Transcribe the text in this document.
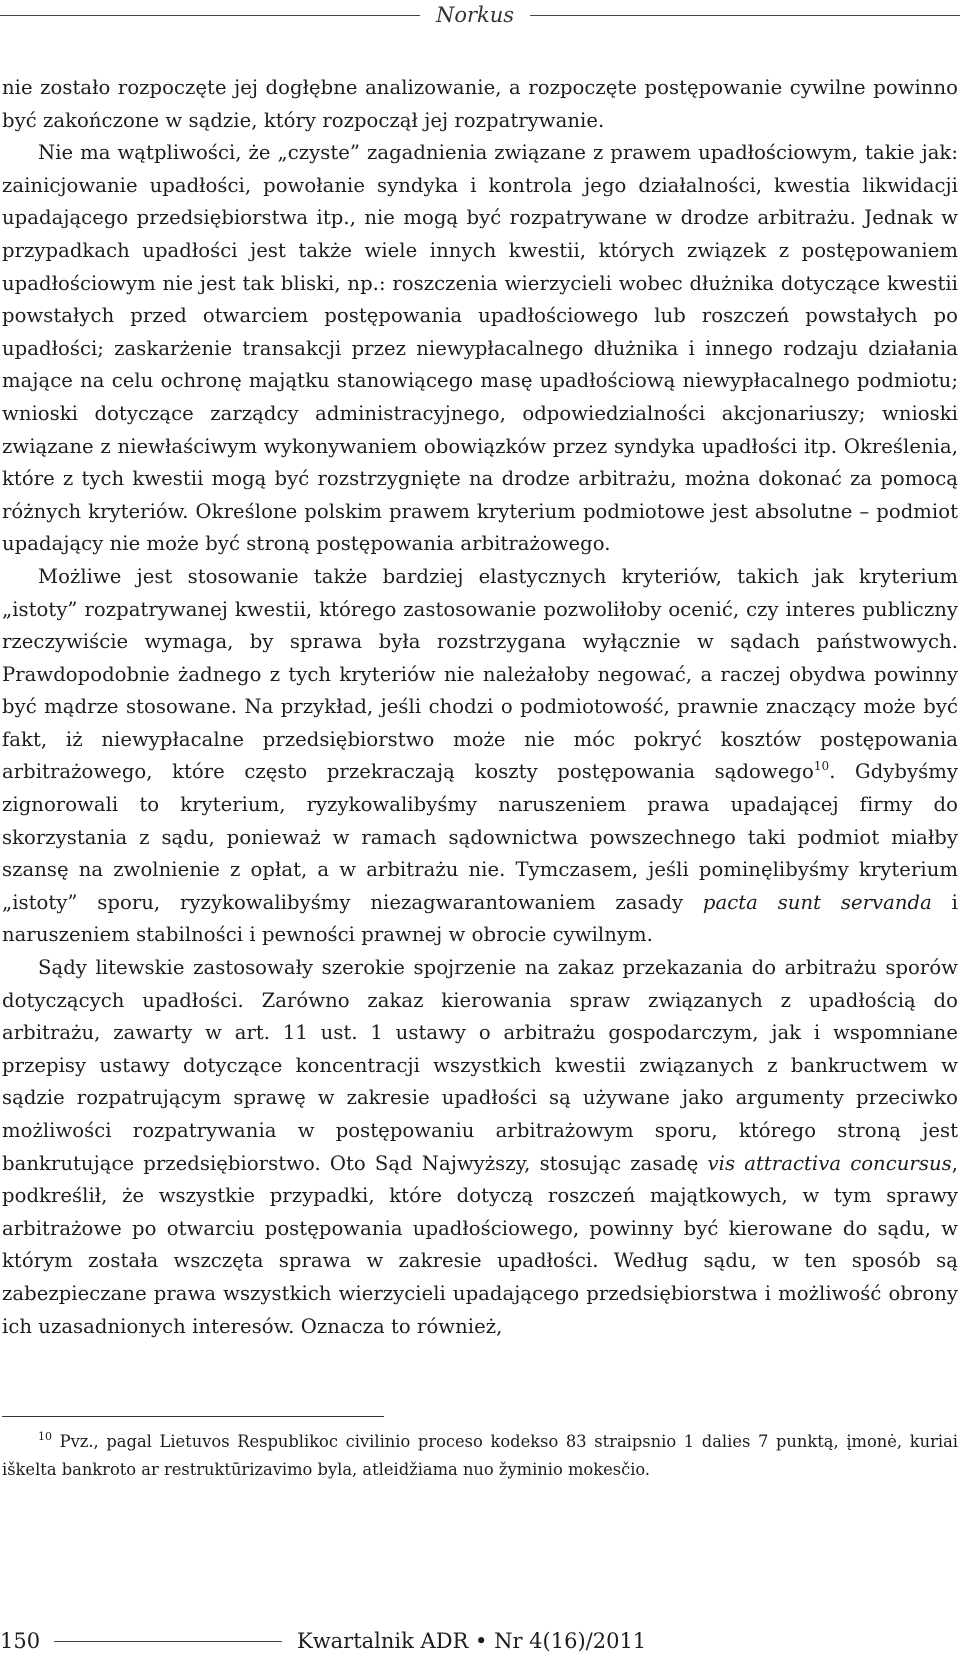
Norkus

nie zostało rozpoczęte jej dogłębne analizowanie, a rozpoczęte postępowanie cywilne powinno być zakończone w sądzie, który rozpoczął jej rozpatrywanie.

Nie ma wątpliwości, że „czyste” zagadnienia związane z prawem upadłościowym, takie jak: zainicjowanie upadłości, powołanie syndyka i kontrola jego działalności, kwestia likwidacji upadającego przedsiębiorstwa itp., nie mogą być rozpatrywane w drodze arbitrażu. Jednak w przypadkach upadłości jest także wiele innych kwestii, których związek z postępowaniem upadłościowym nie jest tak bliski, np.: roszczenia wierzycieli wobec dłużnika dotyczące kwestii powstałych przed otwarciem postępowania upadłościowego lub roszczeń powstałych po upadłości; zaskarżenie transakcji przez niewypłacalnego dłużnika i innego rodzaju działania mające na celu ochronę majątku stanowiącego masę upadłościową niewypłacalnego podmiotu; wnioski dotyczące zarządcy administracyjnego, odpowiedzialności akcjonariuszy; wnioski związane z niewłaściwym wykonywaniem obowiązków przez syndyka upadłości itp. Określenia, które z tych kwestii mogą być rozstrzygnięte na drodze arbitrażu, można dokonać za pomocą różnych kryteriów. Określone polskim prawem kryterium podmiotowe jest absolutne – podmiot upadający nie może być stroną postępowania arbitrażowego.

Możliwe jest stosowanie także bardziej elastycznych kryteriów, takich jak kryterium „istoty” rozpatrywanej kwestii, którego zastosowanie pozwoliłoby ocenić, czy interes publiczny rzeczywiście wymaga, by sprawa była rozstrzygana wyłącznie w sądach państwowych. Prawdopodobnie żadnego z tych kryteriów nie należałoby negować, a raczej obydwa powinny być mądrze stosowane. Na przykład, jeśli chodzi o podmiotowość, prawnie znaczący może być fakt, iż niewypłacalne przedsiębiorstwo może nie móc pokryć kosztów postępowania arbitrażowego, które często przekraczają koszty postępowania sądowego$^{10}$. Gdybyśmy zignorowali to kryterium, ryzykowalibyśmy naruszeniem prawa upadającej firmy do skorzystania z sądu, ponieważ w ramach sądownictwa powszechnego taki podmiot miałby szansę na zwolnienie z opłat, a w arbitrażu nie. Tymczasem, jeśli pominęlibyśmy kryterium „istoty” sporu, ryzykowalibyśmy niezagwarantowaniem zasady pacta sunt servanda i naruszeniem stabilności i pewności prawnej w obrocie cywilnym.

Sądy litewskie zastosowały szerokie spojrzenie na zakaz przekazania do arbitrażu sporów dotyczących upadłości. Zarówno zakaz kierowania spraw związanych z upadłością do arbitrażu, zawarty w art. 11 ust. 1 ustawy o arbitrażu gospodarczym, jak i wspomniane przepisy ustawy dotyczące koncentracji wszystkich kwestii związanych z bankructwem w sądzie rozpatrującym sprawę w zakresie upadłości są używane jako argumenty przeciwko możliwości rozpatrywania w postępowaniu arbitrażowym sporu, którego stroną jest bankrutujące przedsiębiorstwo. Oto Sąd Najwyższy, stosując zasadę vis attractiva concursus, podkreślił, że wszystkie przypadki, które dotyczą roszczeń majątkowych, w tym sprawy arbitrażowe po otwarciu postępowania upadłościowego, powinny być kierowane do sądu, w którym została wszczęta sprawa w zakresie upadłości. Według sądu, w ten sposób są zabezpieczane prawa wszystkich wierzycieli upadającego przedsiębiorstwa i możliwość obrony ich uzasadnionych interesów. Oznacza to również,

$^{10}$ Pvz., pagal Lietuvos Respublikoc civilinio proceso kodekso 83 straipsnio 1 dalies 7 punktą, įmonė, kuriai iškelta bankroto ar restruktūrizavimo byla, atleidžiama nuo žyminio mokesčio.

150	Kwartalnik ADR • Nr 4(16)/2011
